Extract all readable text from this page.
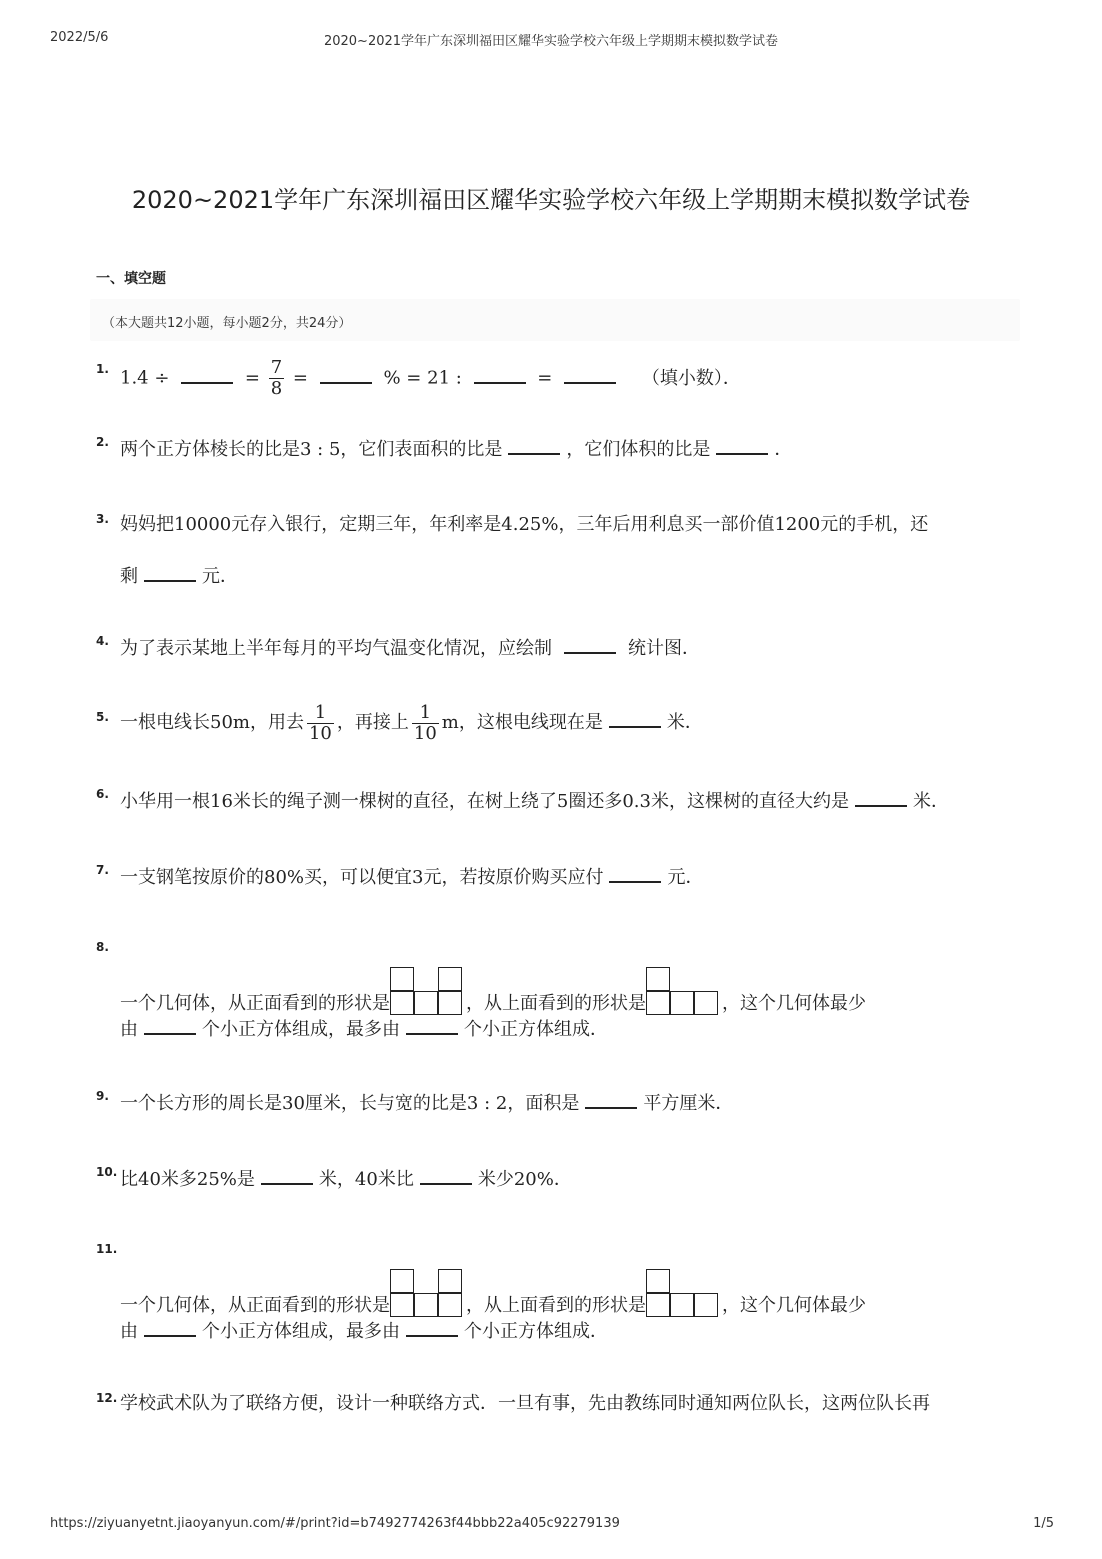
2022/5/6	2020~2021学年广东深圳福田区耀华实验学校六年级上学期期末模拟数学试卷
2020~2021学年广东深圳福田区耀华实验学校六年级上学期期末模拟数学试卷
一、填空题
（本大题共12小题，每小题2分，共24分）
1. 1.4 ÷	= $\frac{7}{8}$ =	% = 21 :	=	（填小数）．
2. 两个正方体棱长的比是3 : 5，它们表面积的比是	，它们体积的比是	．
3. 妈妈把10000元存入银行，定期三年，年利率是4.25%，三年后用利息买一部价值1200元的手机，还
剩	元．
4. 为了表示某地上半年每月的平均气温变化情况，应绘制	统计图．
5. 一根电线长50m，用去 $\frac{1}{10}$ ，再接上 $\frac{1}{10}$ m，这根电线现在是	米．
6. 小华用一根16米长的绳子测一棵树的直径，在树上绕了5圈还多0.3米，这棵树的直径大约是	米．
7. 一支钢笔按原价的80%买，可以便宜3元，若按原价购买应付	元．
8.
一个几何体，从正面看到的形状是	，从上面看到的形状是	，这个几何体最少
由	个小正方体组成，最多由	个小正方体组成．
9. 一个长方形的周长是30厘米，长与宽的比是3 : 2，面积是	平方厘米．
10. 比40米多25%是	米，40米比	米少20%．
11.
一个几何体，从正面看到的形状是	，从上面看到的形状是	，这个几何体最少
由	个小正方体组成，最多由	个小正方体组成．
12. 学校武术队为了联络方便，设计一种联络方式．一旦有事，先由教练同时通知两位队长，这两位队长再
https://ziyuanyetnt.jiaoyanyun.com/#/print?id=b7492774263f44bbb22a405c92279139	1/5
